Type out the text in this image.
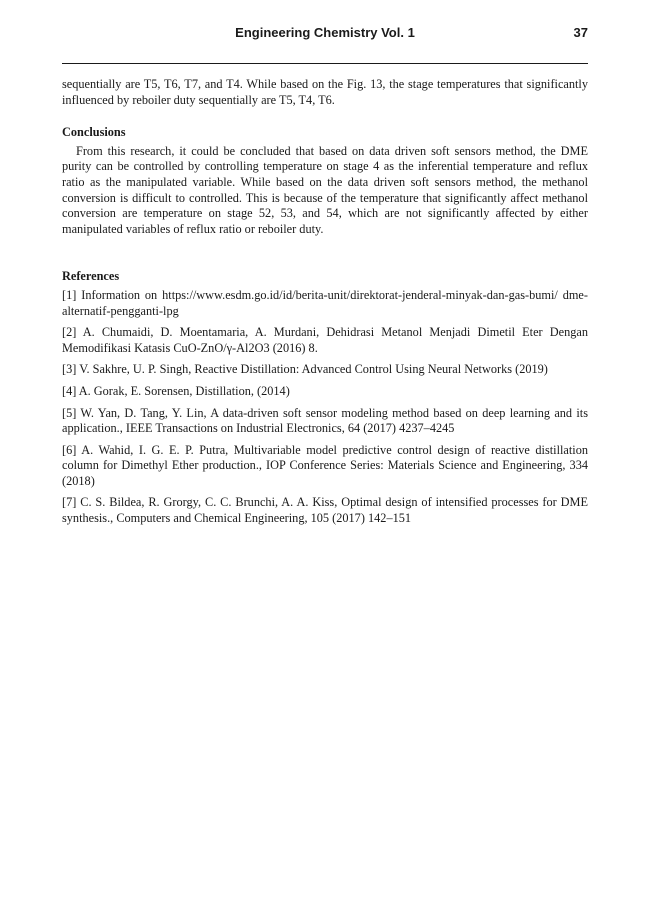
Engineering Chemistry Vol. 1	37

sequentially are T5, T6, T7, and T4. While based on the Fig. 13, the stage temperatures that significantly influenced by reboiler duty sequentially are T5, T4, T6.

Conclusions

From this research, it could be concluded that based on data driven soft sensors method, the DME purity can be controlled by controlling temperature on stage 4 as the inferential temperature and reflux ratio as the manipulated variable. While based on the data driven soft sensors method, the methanol conversion is difficult to controlled. This is because of the temperature that significantly affect methanol conversion are temperature on stage 52, 53, and 54, which are not significantly affected by either manipulated variables of reflux ratio or reboiler duty.

References
[1] Information on https://www.esdm.go.id/id/berita-unit/direktorat-jenderal-minyak-dan-gas-bumi/ dme-alternatif-pengganti-lpg
[2] A. Chumaidi, D. Moentamaria, A. Murdani, Dehidrasi Metanol Menjadi Dimetil Eter Dengan Memodifikasi Katasis CuO-ZnO/γ-Al2O3 (2016) 8.
[3] V. Sakhre, U. P. Singh, Reactive Distillation: Advanced Control Using Neural Networks (2019)
[4] A. Gorak, E. Sorensen, Distillation, (2014)
[5] W. Yan, D. Tang, Y. Lin, A data-driven soft sensor modeling method based on deep learning and its application., IEEE Transactions on Industrial Electronics, 64 (2017) 4237–4245
[6] A. Wahid, I. G. E. P. Putra, Multivariable model predictive control design of reactive distillation column for Dimethyl Ether production., IOP Conference Series: Materials Science and Engineering, 334 (2018)
[7] C. S. Bildea, R. Grorgy, C. C. Brunchi, A. A. Kiss, Optimal design of intensified processes for DME synthesis., Computers and Chemical Engineering, 105 (2017) 142–151
